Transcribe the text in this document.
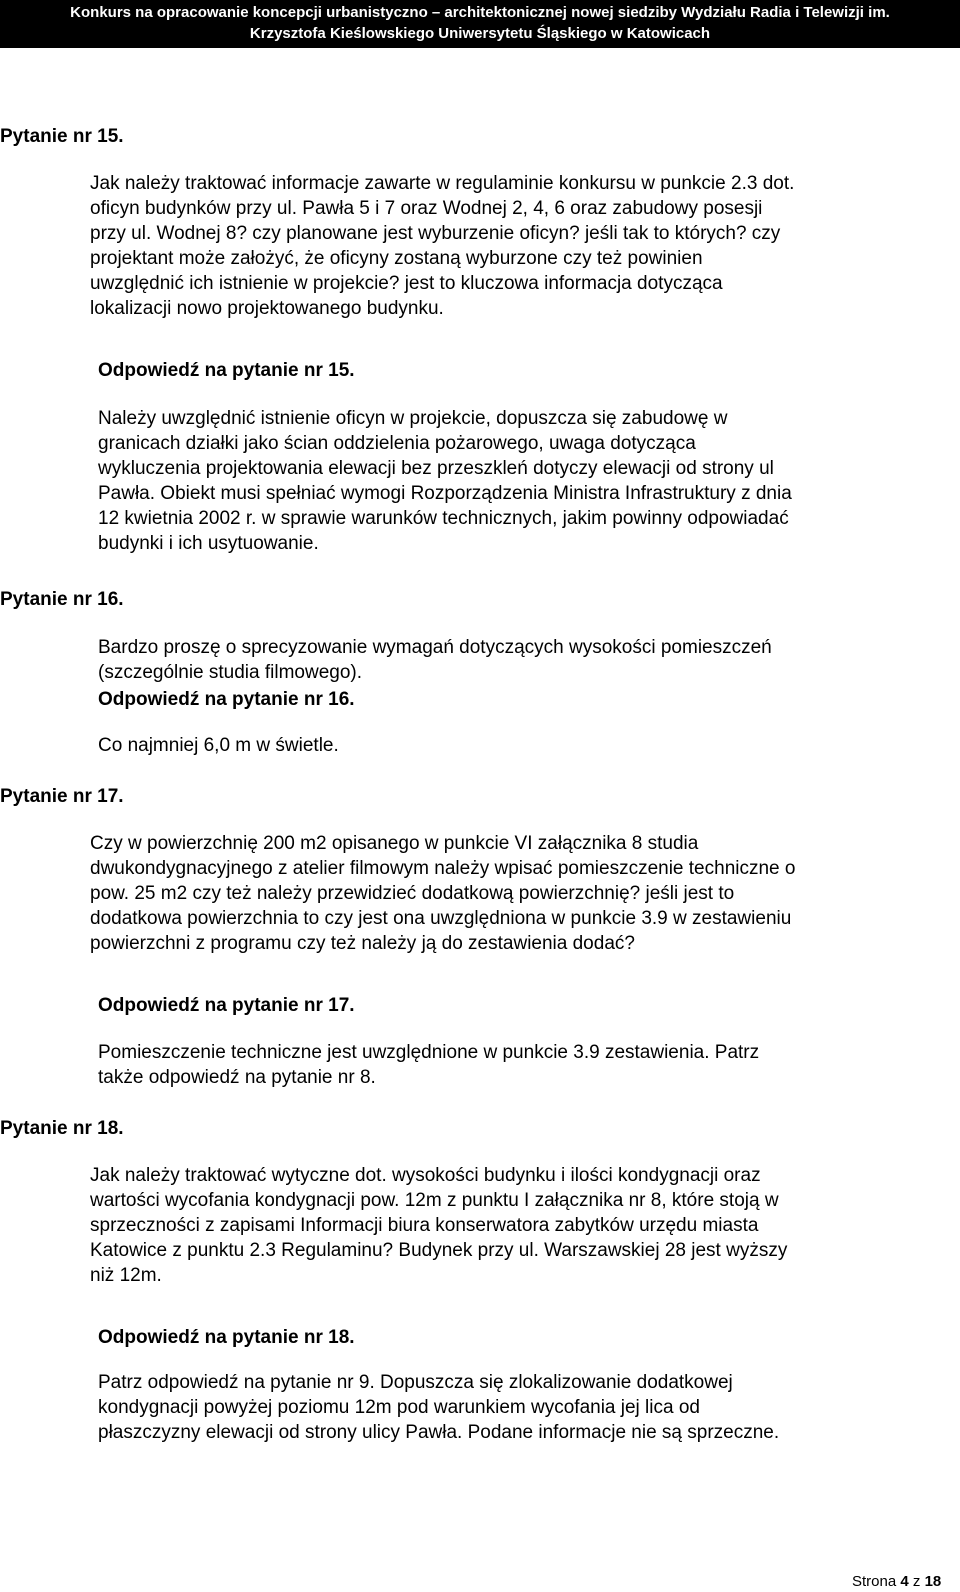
Konkurs na opracowanie koncepcji urbanistyczno – architektonicznej nowej siedziby Wydziału Radia i Telewizji im.
Krzysztofa Kieślowskiego Uniwersytetu Śląskiego w Katowicach
Pytanie nr 15.
Jak należy traktować informacje zawarte w regulaminie konkursu w punkcie 2.3 dot.
oficyn budynków przy ul. Pawła 5 i 7 oraz Wodnej 2, 4, 6 oraz zabudowy posesji
przy ul. Wodnej 8? czy planowane jest wyburzenie oficyn? jeśli tak to których? czy
projektant może założyć, że oficyny zostaną wyburzone czy też powinien
uwzględnić ich istnienie w projekcie? jest to kluczowa informacja dotycząca
lokalizacji nowo projektowanego budynku.
Odpowiedź na pytanie nr 15.
Należy uwzględnić istnienie oficyn w projekcie, dopuszcza się zabudowę w
granicach działki jako ścian oddzielenia pożarowego, uwaga dotycząca
wykluczenia projektowania elewacji bez przeszkleń dotyczy elewacji od strony ul
Pawła. Obiekt musi spełniać wymogi Rozporządzenia Ministra Infrastruktury z dnia
12 kwietnia 2002 r. w sprawie warunków technicznych, jakim powinny odpowiadać
budynki i ich usytuowanie.
Pytanie nr 16.
Bardzo proszę o sprecyzowanie wymagań dotyczących wysokości pomieszczeń
(szczególnie studia filmowego).
Odpowiedź na pytanie nr 16.
Co najmniej 6,0 m w świetle.
Pytanie nr 17.
Czy w powierzchnię 200 m2 opisanego w punkcie VI załącznika 8 studia
dwukondygnacyjnego z atelier filmowym należy wpisać pomieszczenie techniczne o
pow. 25 m2 czy też należy przewidzieć dodatkową powierzchnię? jeśli jest to
dodatkowa powierzchnia to czy jest ona uwzględniona w punkcie 3.9 w zestawieniu
powierzchni z programu czy też należy ją do zestawienia dodać?
Odpowiedź na pytanie nr 17.
Pomieszczenie techniczne jest uwzględnione w punkcie 3.9 zestawienia. Patrz
także odpowiedź na pytanie nr 8.
Pytanie nr 18.
Jak należy traktować wytyczne dot. wysokości budynku i ilości kondygnacji oraz
wartości wycofania kondygnacji pow. 12m z punktu I załącznika nr 8, które stoją w
sprzeczności z zapisami Informacji biura konserwatora zabytków urzędu miasta
Katowice z punktu 2.3 Regulaminu? Budynek przy ul. Warszawskiej 28 jest wyższy
niż 12m.
Odpowiedź na pytanie nr 18.
Patrz odpowiedź na pytanie nr 9. Dopuszcza się zlokalizowanie dodatkowej
kondygnacji powyżej poziomu 12m pod warunkiem wycofania jej lica od
płaszczyzny elewacji od strony ulicy Pawła. Podane informacje nie są sprzeczne.
Strona 4 z 18
